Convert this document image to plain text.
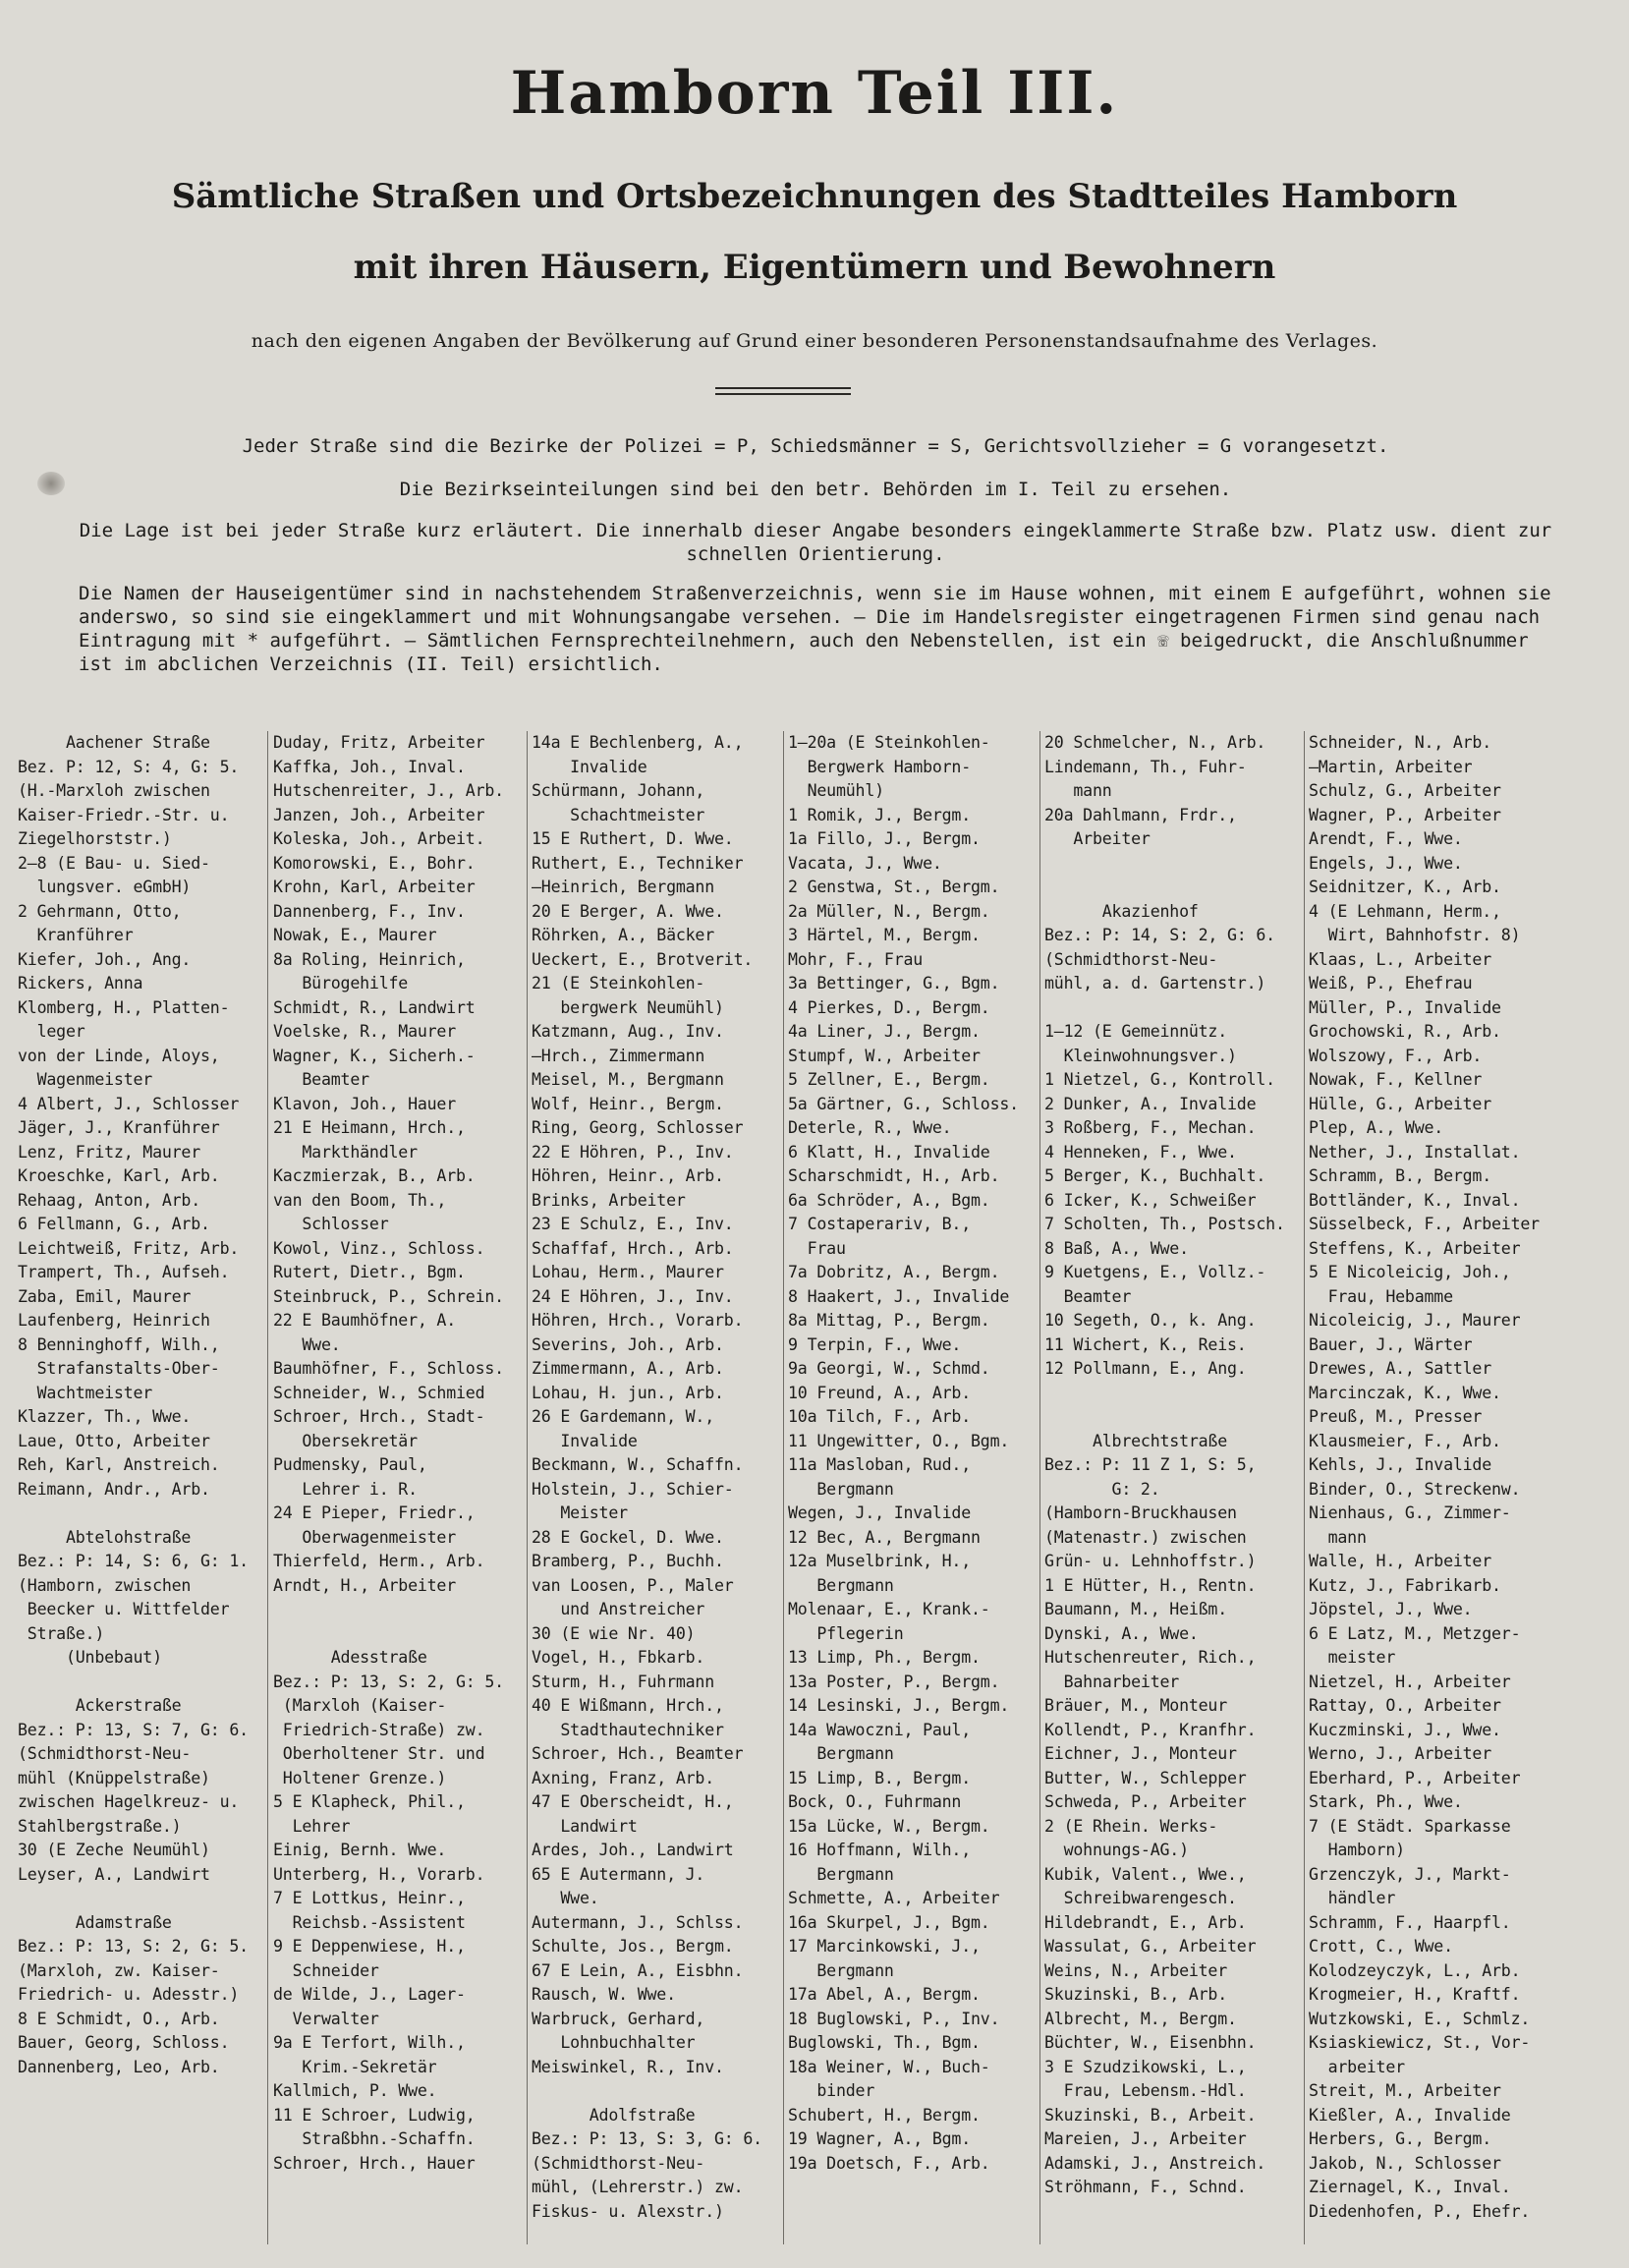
Hamborn Teil III.
Sämtliche Straßen und Ortsbezeichnungen des Stadtteiles Hamborn
mit ihren Häusern, Eigentümern und Bewohnern
nach den eigenen Angaben der Bevölkerung auf Grund einer besonderen Personenstandsaufnahme des Verlages.
Jeder Straße sind die Bezirke der Polizei = P, Schiedsmänner = S, Gerichtsvollzieher = G vorangesetzt.
Die Bezirkseinteilungen sind bei den betr. Behörden im I. Teil zu ersehen.
Die Lage ist bei jeder Straße kurz erläutert. Die innerhalb dieser Angabe besonders eingeklammerte Straße bzw. Platz usw. dient zur schnellen Orientierung.
Die Namen der Hauseigentümer sind in nachstehendem Straßenverzeichnis, wenn sie im Hause wohnen, mit einem E aufgeführt, wohnen sie anderswo, so sind sie eingeklammert und mit Wohnungsangabe versehen. — Die im Handelsregister eingetragenen Firmen sind genau nach Eintragung mit * aufgeführt. — Sämtlichen Fernsprechteilnehmern, auch den Nebenstellen, ist ein ☏ beigedruckt, die Anschlußnummer ist im abclichen Verzeichnis (II. Teil) ersichtlich.
Aachener Straße
Bez. P: 12, S: 4, G: 5.
(H.-Marxloh zwischen
Kaiser-Friedr.-Str. u.
Ziegelhorststr.)
2—8 (E Bau- u. Sied-
lungsver. eGmbH)
2 Gehrmann, Otto,
Kranführer
Kiefer, Joh., Ang.
Rickers, Anna
Klomberg, H., Platten-
leger
von der Linde, Aloys,
Wagenmeister
4 Albert, J., Schlosser
Jäger, J., Kranführer
Lenz, Fritz, Maurer
Kroeschke, Karl, Arb.
Rehaag, Anton, Arb.
6 Fellmann, G., Arb.
Leichtweiß, Fritz, Arb.
Trampert, Th., Aufseh.
Zaba, Emil, Maurer
Laufenberg, Heinrich
8 Benninghoff, Wilh.,
Strafanstalts-Ober-
Wachtmeister
Klazzer, Th., Wwe.
Laue, Otto, Arbeiter
Reh, Karl, Anstreich.
Reimann, Andr., Arb.
Abtelohstraße
Bez.: P: 14, S: 6, G: 1.
(Hamborn, zwischen
Beecker u. Wittfelder
Straße.)
(Unbebaut)
Ackerstraße
Bez.: P: 13, S: 7, G: 6.
(Schmidthorst-Neu-
mühl (Knüppelstraße)
zwischen Hagelkreuz- u.
Stahlbergstraße.)
30 (E Zeche Neumühl)
Leyser, A., Landwirt
Adamstraße
Bez.: P: 13, S: 2, G: 5.
(Marxloh, zw. Kaiser-
Friedrich- u. Adesstr.)
8 E Schmidt, O., Arb.
Bauer, Georg, Schloss.
Dannenberg, Leo, Arb.
Duday, Fritz, Arbeiter
Kaffka, Joh., Inval.
Hutschenreiter, J., Arb.
Janzen, Joh., Arbeiter
Koleska, Joh., Arbeit.
Komorowski, E., Bohr.
Krohn, Karl, Arbeiter
Dannenberg, F., Inv.
Nowak, E., Maurer
8a Roling, Heinrich,
Bürogehilfe
Schmidt, R., Landwirt
Voelske, R., Maurer
Wagner, K., Sicherh.-
Beamter
Klavon, Joh., Hauer
21 E Heimann, Hrch.,
Markthändler
Kaczmierzak, B., Arb.
van den Boom, Th.,
Schlosser
Kowol, Vinz., Schloss.
Rutert, Dietr., Bgm.
Steinbruck, P., Schrein.
22 E Baumhöfner, A.
Wwe.
Baumhöfner, F., Schloss.
Schneider, W., Schmied
Schroer, Hrch., Stadt-
Obersekretär
Pudmensky, Paul,
Lehrer i. R.
24 E Pieper, Friedr.,
Oberwagenmeister
Thierfeld, Herm., Arb.
Arndt, H., Arbeiter
Adesstraße
Bez.: P: 13, S: 2, G: 5.
(Marxloh (Kaiser-
Friedrich-Straße) zw.
Oberholtener Str. und
Holtener Grenze.)
5 E Klapheck, Phil.,
Lehrer
Einig, Bernh. Wwe.
Unterberg, H., Vorarb.
7 E Lottkus, Heinr.,
Reichsb.-Assistent
9 E Deppenwiese, H.,
Schneider
de Wilde, J., Lager-
Verwalter
9a E Terfort, Wilh.,
Krim.-Sekretär
Kallmich, P. Wwe.
11 E Schroer, Ludwig,
Straßbhn.-Schaffn.
Schroer, Hrch., Hauer
14a E Bechlenberg, A.,
Invalide
Schürmann, Johann,
Schachtmeister
15 E Ruthert, D. Wwe.
Ruthert, E., Techniker
—Heinrich, Bergmann
20 E Berger, A. Wwe.
Röhrken, A., Bäcker
Ueckert, E., Brotverit.
21 (E Steinkohlen-
bergwerk Neumühl)
Katzmann, Aug., Inv.
—Hrch., Zimmermann
Meisel, M., Bergmann
Wolf, Heinr., Bergm.
Ring, Georg, Schlosser
22 E Höhren, P., Inv.
Höhren, Heinr., Arb.
Brinks, Arbeiter
23 E Schulz, E., Inv.
Schaffaf, Hrch., Arb.
Lohau, Herm., Maurer
24 E Höhren, J., Inv.
Höhren, Hrch., Vorarb.
Severins, Joh., Arb.
Zimmermann, A., Arb.
Lohau, H. jun., Arb.
26 E Gardemann, W.,
Invalide
Beckmann, W., Schaffn.
Holstein, J., Schier-
Meister
28 E Gockel, D. Wwe.
Bramberg, P., Buchh.
van Loosen, P., Maler
und Anstreicher
30 (E wie Nr. 40)
Vogel, H., Fbkarb.
Sturm, H., Fuhrmann
40 E Wißmann, Hrch.,
Stadthautechniker
Schroer, Hch., Beamter
Axning, Franz, Arb.
47 E Oberscheidt, H.,
Landwirt
Ardes, Joh., Landwirt
65 E Autermann, J.
Wwe.
Autermann, J., Schlss.
Schulte, Jos., Bergm.
67 E Lein, A., Eisbhn.
Rausch, W. Wwe.
Warbruck, Gerhard,
Lohnbuchhalter
Meiswinkel, R., Inv.
Adolfstraße
Bez.: P: 13, S: 3, G: 6.
(Schmidthorst-Neu-
mühl, (Lehrerstr.) zw.
Fiskus- u. Alexstr.)
1—20a (E Steinkohlen-
Bergwerk Hamborn-
Neumühl)
1 Romik, J., Bergm.
1a Fillo, J., Bergm.
Vacata, J., Wwe.
2 Genstwa, St., Bergm.
2a Müller, N., Bergm.
3 Härtel, M., Bergm.
Mohr, F., Frau
3a Bettinger, G., Bgm.
4 Pierkes, D., Bergm.
4a Liner, J., Bergm.
Stumpf, W., Arbeiter
5 Zellner, E., Bergm.
5a Gärtner, G., Schloss.
Deterle, R., Wwe.
6 Klatt, H., Invalide
Scharschmidt, H., Arb.
6a Schröder, A., Bgm.
7 Costaperariv, B.,
Frau
7a Dobritz, A., Bergm.
8 Haakert, J., Invalide
8a Mittag, P., Bergm.
9 Terpin, F., Wwe.
9a Georgi, W., Schmd.
10 Freund, A., Arb.
10a Tilch, F., Arb.
11 Ungewitter, O., Bgm.
11a Masloban, Rud.,
Bergmann
Wegen, J., Invalide
12 Bec, A., Bergmann
12a Muselbrink, H.,
Bergmann
Molenaar, E., Krank.-
Pflegerin
13 Limp, Ph., Bergm.
13a Poster, P., Bergm.
14 Lesinski, J., Bergm.
14a Wawoczni, Paul,
Bergmann
15 Limp, B., Bergm.
Bock, O., Fuhrmann
15a Lücke, W., Bergm.
16 Hoffmann, Wilh.,
Bergmann
Schmette, A., Arbeiter
16a Skurpel, J., Bgm.
17 Marcinkowski, J.,
Bergmann
17a Abel, A., Bergm.
18 Buglowski, P., Inv.
Buglowski, Th., Bgm.
18a Weiner, W., Buch-
binder
Schubert, H., Bergm.
19 Wagner, A., Bgm.
19a Doetsch, F., Arb.
20 Schmelcher, N., Arb.
Lindemann, Th., Fuhr-
mann
20a Dahlmann, Frdr.,
Arbeiter
Akazienhof
Bez.: P: 14, S: 2, G: 6.
(Schmidthorst-Neu-
mühl, a. d. Gartenstr.)
1—12 (E Gemeinnütz.
Kleinwohnungsver.)
1 Nietzel, G., Kontroll.
2 Dunker, A., Invalide
3 Roßberg, F., Mechan.
4 Henneken, F., Wwe.
5 Berger, K., Buchhalt.
6 Icker, K., Schweißer
7 Scholten, Th., Postsch.
8 Baß, A., Wwe.
9 Kuetgens, E., Vollz.-
Beamter
10 Segeth, O., k. Ang.
11 Wichert, K., Reis.
12 Pollmann, E., Ang.
Albrechtstraße
Bez.: P: 11 Z 1, S: 5,
G: 2.
(Hamborn-Bruckhausen
(Matenastr.) zwischen
Grün- u. Lehnhoffstr.)
1 E Hütter, H., Rentn.
Baumann, M., Heißm.
Dynski, A., Wwe.
Hutschenreuter, Rich.,
Bahnarbeiter
Bräuer, M., Monteur
Kollendt, P., Kranfhr.
Eichner, J., Monteur
Butter, W., Schlepper
Schweda, P., Arbeiter
2 (E Rhein. Werks-
wohnungs-AG.)
Kubik, Valent., Wwe.,
Schreibwarengesch.
Hildebrandt, E., Arb.
Wassulat, G., Arbeiter
Weins, N., Arbeiter
Skuzinski, B., Arb.
Albrecht, M., Bergm.
Büchter, W., Eisenbhn.
3 E Szudzikowski, L.,
Frau, Lebensm.-Hdl.
Skuzinski, B., Arbeit.
Mareien, J., Arbeiter
Adamski, J., Anstreich.
Ströhmann, F., Schnd.
Schneider, N., Arb.
—Martin, Arbeiter
Schulz, G., Arbeiter
Wagner, P., Arbeiter
Arendt, F., Wwe.
Engels, J., Wwe.
Seidnitzer, K., Arb.
4 (E Lehmann, Herm.,
Wirt, Bahnhofstr. 8)
Klaas, L., Arbeiter
Weiß, P., Ehefrau
Müller, P., Invalide
Grochowski, R., Arb.
Wolszowy, F., Arb.
Nowak, F., Kellner
Hülle, G., Arbeiter
Plep, A., Wwe.
Nether, J., Installat.
Schramm, B., Bergm.
Bottländer, K., Inval.
Süsselbeck, F., Arbeiter
Steffens, K., Arbeiter
5 E Nicoleicig, Joh.,
Frau, Hebamme
Nicoleicig, J., Maurer
Bauer, J., Wärter
Drewes, A., Sattler
Marcinczak, K., Wwe.
Preuß, M., Presser
Klausmeier, F., Arb.
Kehls, J., Invalide
Binder, O., Streckenw.
Nienhaus, G., Zimmer-
mann
Walle, H., Arbeiter
Kutz, J., Fabrikarb.
Jöpstel, J., Wwe.
6 E Latz, M., Metzger-
meister
Nietzel, H., Arbeiter
Rattay, O., Arbeiter
Kuczminski, J., Wwe.
Werno, J., Arbeiter
Eberhard, P., Arbeiter
Stark, Ph., Wwe.
7 (E Städt. Sparkasse
Hamborn)
Grzenczyk, J., Markt-
händler
Schramm, F., Haarpfl.
Crott, C., Wwe.
Kolodzeyczyk, L., Arb.
Krogmeier, H., Kraftf.
Wutzkowski, E., Schmlz.
Ksiaskiewicz, St., Vor-
arbeiter
Streit, M., Arbeiter
Kießler, A., Invalide
Herbers, G., Bergm.
Jakob, N., Schlosser
Ziernagel, K., Inval.
Diedenhofen, P., Ehefr.
